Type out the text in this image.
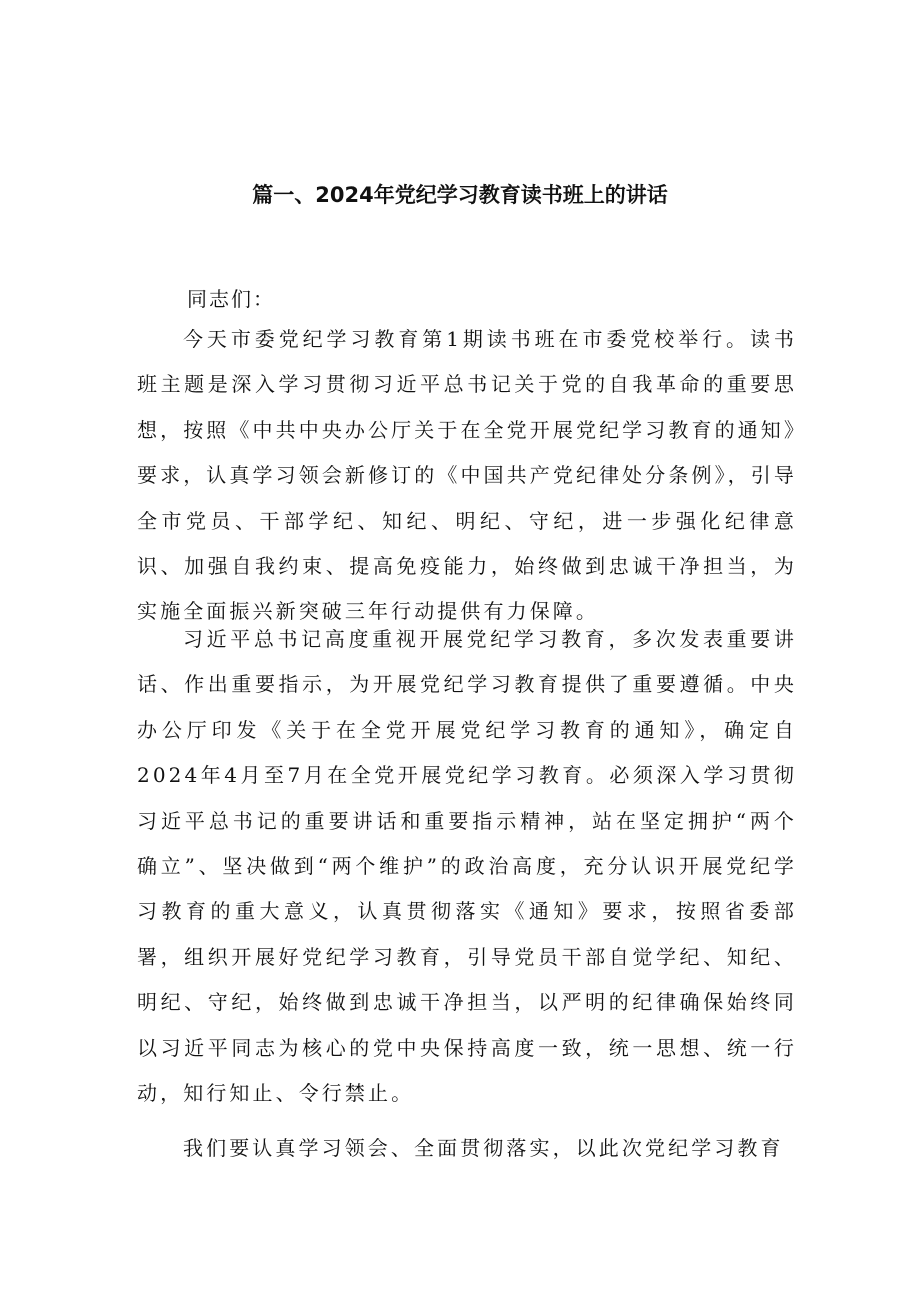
篇一、2024年党纪学习教育读书班上的讲话
同志们：

今天市委党纪学习教育第1期读书班在市委党校举行。读书班主题是深入学习贯彻习近平总书记关于党的自我革命的重要思想，按照《中共中央办公厅关于在全党开展党纪学习教育的通知》要求，认真学习领会新修订的《中国共产党纪律处分条例》，引导全市党员、干部学纪、知纪、明纪、守纪，进一步强化纪律意识、加强自我约束、提高免疫能力，始终做到忠诚干净担当，为实施全面振兴新突破三年行动提供有力保障。

习近平总书记高度重视开展党纪学习教育，多次发表重要讲话、作出重要指示，为开展党纪学习教育提供了重要遵循。中央办公厅印发《关于在全党开展党纪学习教育的通知》，确定自2024年4月至7月在全党开展党纪学习教育。必须深入学习贯彻习近平总书记的重要讲话和重要指示精神，站在坚定拥护“两个确立”、坚决做到“两个维护”的政治高度，充分认识开展党纪学习教育的重大意义，认真贯彻落实《通知》要求，按照省委部署，组织开展好党纪学习教育，引导党员干部自觉学纪、知纪、明纪、守纪，始终做到忠诚干净担当，以严明的纪律确保始终同以习近平同志为核心的党中央保持高度一致，统一思想、统一行动，知行知止、令行禁止。

我们要认真学习领会、全面贯彻落实，以此次党纪学习教育
